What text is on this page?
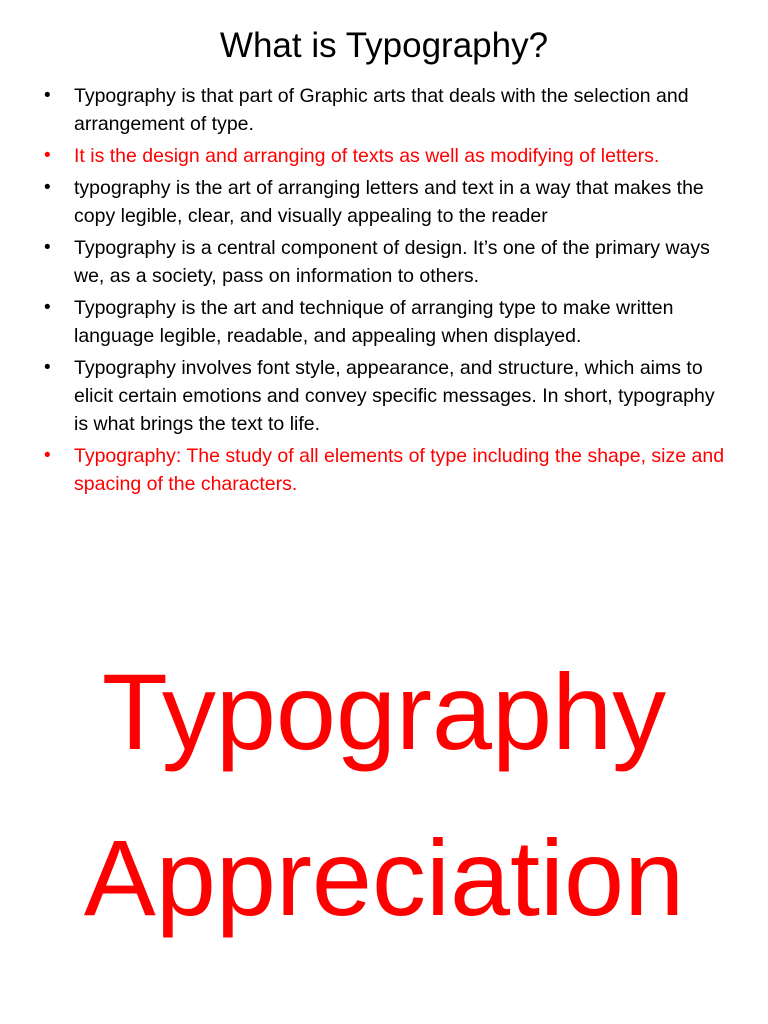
What is Typography?
• Typography is that part of Graphic arts that deals with the selection and arrangement of type.
• It is the design and arranging of texts as well as modifying of letters.
• typography is the art of arranging letters and text in a way that makes the copy legible, clear, and visually appealing to the reader
• Typography is a central component of design. It’s one of the primary ways we, as a society, pass on information to others.
• Typography is the art and technique of arranging type to make written language legible, readable, and appealing when displayed.
• Typography involves font style, appearance, and structure, which aims to elicit certain emotions and convey specific messages. In short, typography is what brings the text to life.
• Typography: The study of all elements of type including the shape, size and spacing of the characters.
Typography
Appreciation
